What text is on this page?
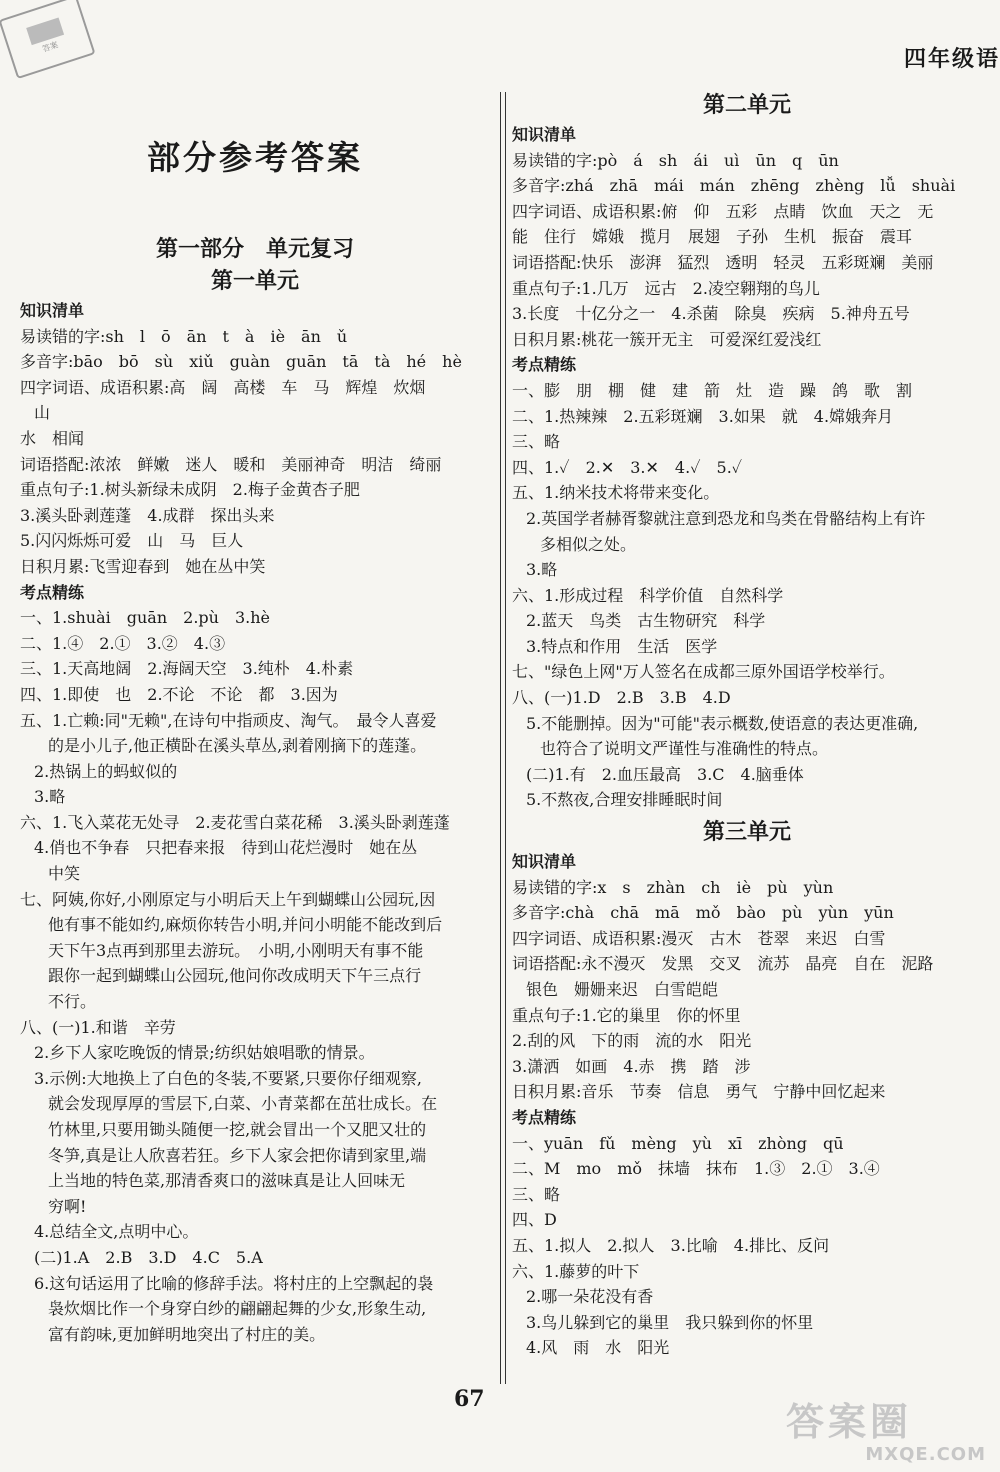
答案	四年级语
部分参考答案
第一部分　单元复习
第一单元
知识清单
易读错的字:sh　l　ō　ān　t　à　iè　ān　ǔ
多音字:bāo　bō　sù　xiǔ　guàn　guān　tā　tà　hé　hè
四字词语、成语积累:高　阔　高楼　车　马　辉煌　炊烟
山
水　相闻
词语搭配:浓浓　鲜嫩　迷人　暖和　美丽神奇　明洁　绮丽
重点句子:1.树头新绿未成阴　2.梅子金黄杏子肥
3.溪头卧剥莲蓬　4.成群　探出头来
5.闪闪烁烁可爱　山　马　巨人
日积月累:飞雪迎春到　她在丛中笑
考点精练
一、1.shuài　guān　2.pù　3.hè
二、1.④　2.①　3.②　4.③
三、1.天高地阔　2.海阔天空　3.纯朴　4.朴素
四、1.即使　也　2.不论　不论　都　3.因为
五、1.亡赖:同"无赖",在诗句中指顽皮、淘气。　最令人喜爱
的是小儿子,他正横卧在溪头草丛,剥着刚摘下的莲蓬。
2.热锅上的蚂蚁似的
3.略
六、1.飞入菜花无处寻　2.麦花雪白菜花稀　3.溪头卧剥莲蓬
4.俏也不争春　只把春来报　待到山花烂漫时　她在丛
中笑
七、阿姨,你好,小刚原定与小明后天上午到蝴蝶山公园玩,因
他有事不能如约,麻烦你转告小明,并问小明能不能改到后
天下午3点再到那里去游玩。　小明,小刚明天有事不能
跟你一起到蝴蝶山公园玩,他问你改成明天下午三点行
不行。
八、(一)1.和谐　辛劳
2.乡下人家吃晚饭的情景;纺织姑娘唱歌的情景。
3.示例:大地换上了白色的冬装,不要紧,只要你仔细观察,
就会发现厚厚的雪层下,白菜、小青菜都在茁壮成长。在
竹林里,只要用锄头随便一挖,就会冒出一个又肥又壮的
冬笋,真是让人欣喜若狂。乡下人家会把你请到家里,端
上当地的特色菜,那清香爽口的滋味真是让人回味无
穷啊!
4.总结全文,点明中心。
(二)1.A　2.B　3.D　4.C　5.A
6.这句话运用了比喻的修辞手法。将村庄的上空飘起的袅
袅炊烟比作一个身穿白纱的翩翩起舞的少女,形象生动,
富有韵味,更加鲜明地突出了村庄的美。
第二单元
知识清单
易读错的字:pò　á　sh　ái　uì　ūn　q　ūn
多音字:zhá　zhā　mái　mán　zhēng　zhèng　lǚ　shuài
四字词语、成语积累:俯　仰　五彩　点睛　饮血　天之　无
能　住行　嫦娥　揽月　展翅　子孙　生机　振奋　震耳
词语搭配:快乐　澎湃　猛烈　透明　轻灵　五彩斑斓　美丽
重点句子:1.几万　远古　2.凌空翱翔的鸟儿
3.长度　十亿分之一　4.杀菌　除臭　疾病　5.神舟五号
日积月累:桃花一簇开无主　可爱深红爱浅红
考点精练
一、膨　朋　棚　健　建　箭　灶　造　躁　鸽　歌　割
二、1.热辣辣　2.五彩斑斓　3.如果　就　4.嫦娥奔月
三、略
四、1.✓　2.✕　3.✕　4.✓　5.✓
五、1.纳米技术将带来变化。
2.英国学者赫胥黎就注意到恐龙和鸟类在骨骼结构上有许
多相似之处。
3.略
六、1.形成过程　科学价值　自然科学
2.蓝天　鸟类　古生物研究　科学
3.特点和作用　生活　医学
七、"绿色上网"万人签名在成都三原外国语学校举行。
八、(一)1.D　2.B　3.B　4.D
5.不能删掉。因为"可能"表示概数,使语意的表达更准确,
也符合了说明文严谨性与准确性的特点。
(二)1.有　2.血压最高　3.C　4.脑垂体
5.不熬夜,合理安排睡眠时间
第三单元
知识清单
易读错的字:x　s　zhàn　ch　iè　pù　yùn
多音字:chà　chā　mā　mǒ　bào　pù　yùn　yūn
四字词语、成语积累:漫灭　古木　苍翠　来迟　白雪
词语搭配:永不漫灭　发黑　交叉　流苏　晶亮　自在　泥路
银色　姗姗来迟　白雪皑皑
重点句子:1.它的巢里　你的怀里
2.刮的风　下的雨　流的水　阳光
3.潇洒　如画　4.赤　携　踏　涉
日积月累:音乐　节奏　信息　勇气　宁静中回忆起来
考点精练
一、yuān　fǔ　mèng　yù　xī　zhòng　qū
二、M　mo　mǒ　抹墙　抹布　1.③　2.①　3.④
三、略
四、D
五、1.拟人　2.拟人　3.比喻　4.排比、反问
六、1.藤萝的叶下
2.哪一朵花没有香
3.鸟儿躲到它的巢里　我只躲到你的怀里
4.风　雨　水　阳光
67
答案圈
MXQE.COM
